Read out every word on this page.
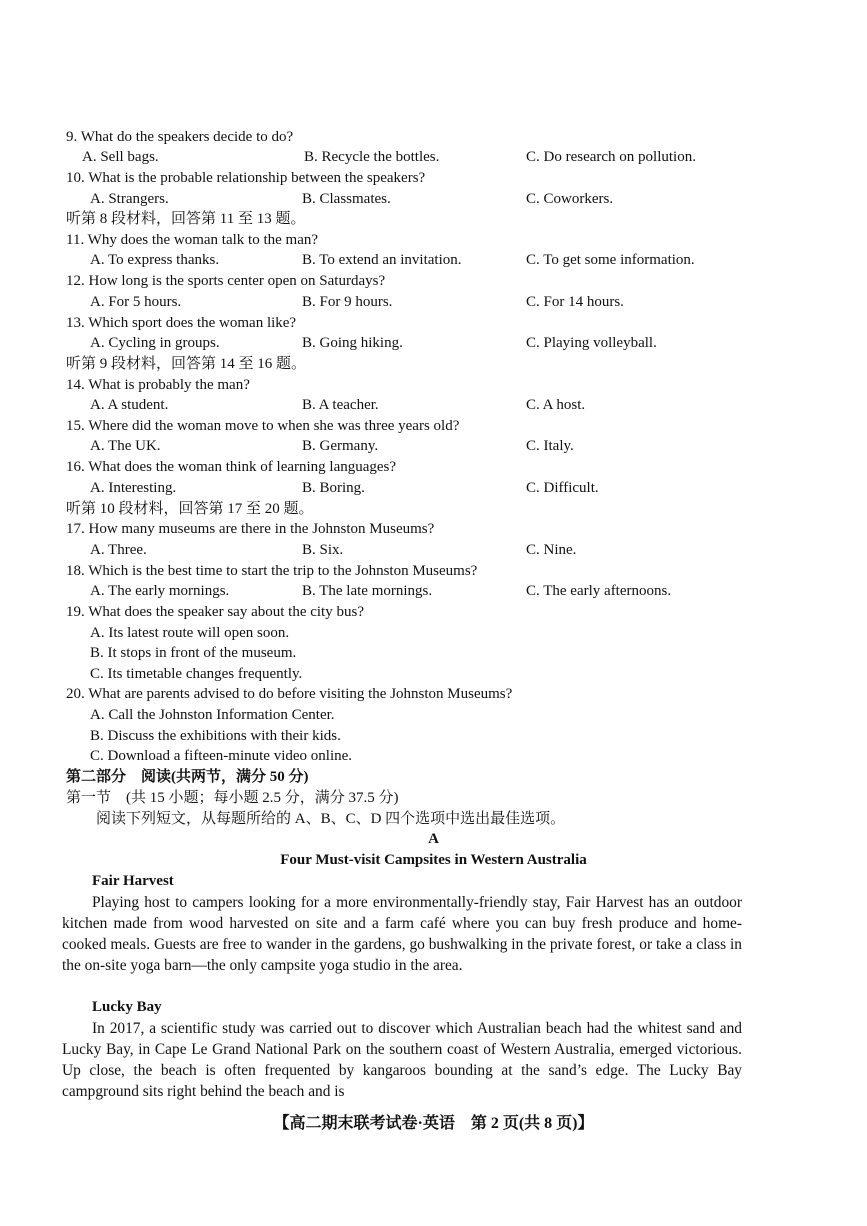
9. What do the speakers decide to do?
A. Sell bags.	B. Recycle the bottles.	C. Do research on pollution.
10. What is the probable relationship between the speakers?
A. Strangers.	B. Classmates.	C. Coworkers.
听第 8 段材料，回答第 11 至 13 题。
11. Why does the woman talk to the man?
A. To express thanks.	B. To extend an invitation.	C. To get some information.
12. How long is the sports center open on Saturdays?
A. For 5 hours.	B. For 9 hours.	C. For 14 hours.
13. Which sport does the woman like?
A. Cycling in groups.	B. Going hiking.	C. Playing volleyball.
听第 9 段材料，回答第 14 至 16 题。
14. What is probably the man?
A. A student.	B. A teacher.	C. A host.
15. Where did the woman move to when she was three years old?
A. The UK.	B. Germany.	C. Italy.
16. What does the woman think of learning languages?
A. Interesting.	B. Boring.	C. Difficult.
听第 10 段材料，回答第 17 至 20 题。
17. How many museums are there in the Johnston Museums?
A. Three.	B. Six.	C. Nine.
18. Which is the best time to start the trip to the Johnston Museums?
A. The early mornings.	B. The late mornings.	C. The early afternoons.
19. What does the speaker say about the city bus?
A. Its latest route will open soon.
B. It stops in front of the museum.
C. Its timetable changes frequently.
20. What are parents advised to do before visiting the Johnston Museums?
A. Call the Johnston Information Center.
B. Discuss the exhibitions with their kids.
C. Download a fifteen-minute video online.
第二部分　阅读(共两节，满分 50 分)
第一节　(共 15 小题；每小题 2.5 分，满分 37.5 分)
阅读下列短文，从每题所给的 A、B、C、D 四个选项中选出最佳选项。
A
Four Must-visit Campsites in Western Australia
Fair Harvest
Playing host to campers looking for a more environmentally-friendly stay, Fair Harvest has an outdoor kitchen made from wood harvested on site and a farm café where you can buy fresh produce and home-cooked meals. Guests are free to wander in the gardens, go bushwalking in the private forest, or take a class in the on-site yoga barn—the only campsite yoga studio in the area.
Lucky Bay
In 2017, a scientific study was carried out to discover which Australian beach had the whitest sand and Lucky Bay, in Cape Le Grand National Park on the southern coast of Western Australia, emerged victorious. Up close, the beach is often frequented by kangaroos bounding at the sand’s edge. The Lucky Bay campground sits right behind the beach and is
【高二期末联考试卷·英语　第 2 页(共 8 页)】
